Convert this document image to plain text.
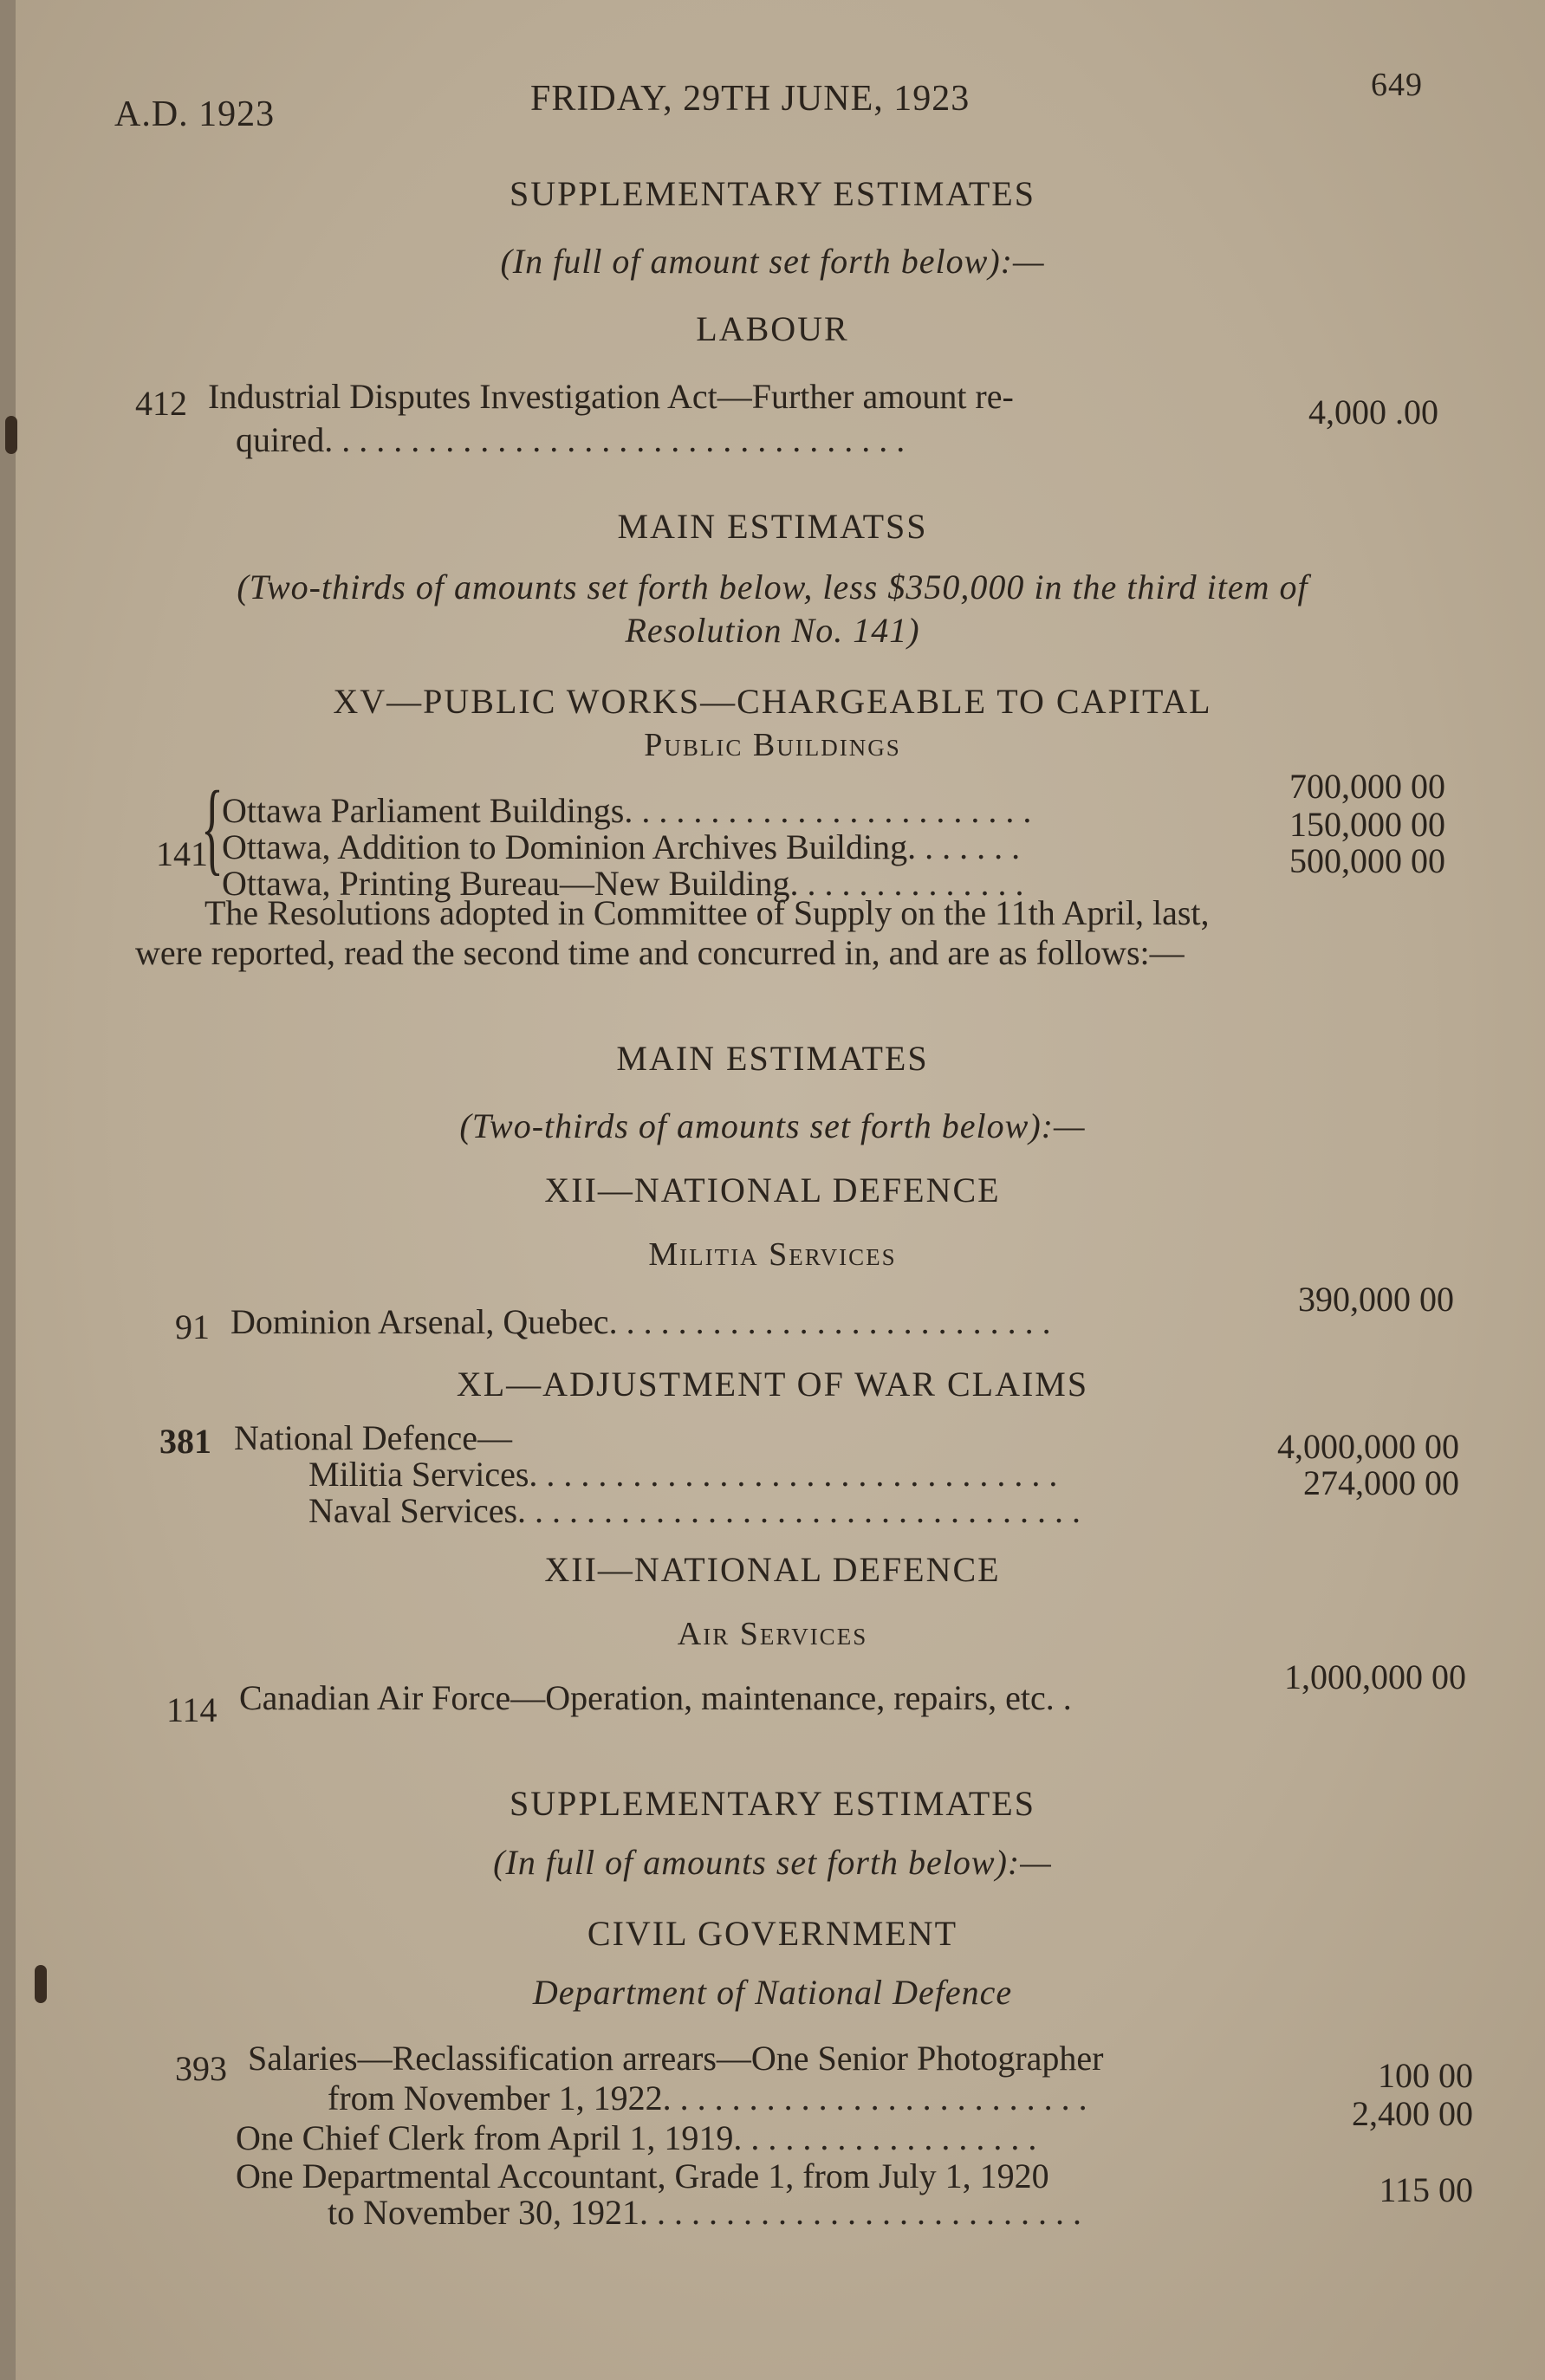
A.D. 1923	FRIDAY, 29TH JUNE, 1923	649
SUPPLEMENTARY ESTIMATES
(In full of amount set forth below):—
LABOUR
412 Industrial Disputes Investigation Act—Further amount re-
quired. . . . . . . . . . . . . . . . . . . . . . . . . . . . . . . . . .
4,000 .00
MAIN ESTIMATSS
(Two-thirds of amounts set forth below, less $350,000 in the third item of
Resolution No. 141)
XV—PUBLIC WORKS—CHARGEABLE TO CAPITAL
Public Buildings
141
{
Ottawa Parliament Buildings. . . . . . . . . . . . . . . . . . . . . . . .
Ottawa, Addition to Dominion Archives Building. . . . . . .
Ottawa, Printing Bureau—New Building. . . . . . . . . . . . . .
700,000 00
150,000 00
500,000 00
The Resolutions adopted in Committee of Supply on the 11th April, last,
were reported, read the second time and concurred in, and are as follows:—
MAIN ESTIMATES
(Two-thirds of amounts set forth below):—
XII—NATIONAL DEFENCE
Militia Services
91 Dominion Arsenal, Quebec. . . . . . . . . . . . . . . . . . . . . . . . . .
390,000 00
XL—ADJUSTMENT OF WAR CLAIMS
381 National Defence—
Militia Services. . . . . . . . . . . . . . . . . . . . . . . . . . . . . . .
Naval Services. . . . . . . . . . . . . . . . . . . . . . . . . . . . . . . . .
4,000,000 00
274,000 00
XII—NATIONAL DEFENCE
Air Services
114 Canadian Air Force—Operation, maintenance, repairs, etc. .
1,000,000 00
SUPPLEMENTARY ESTIMATES
(In full of amounts set forth below):—
CIVIL GOVERNMENT
Department of National Defence
393 Salaries—Reclassification arrears—One Senior Photographer
from November 1, 1922. . . . . . . . . . . . . . . . . . . . . . . . .
One Chief Clerk from April 1, 1919. . . . . . . . . . . . . . . . . .
One Departmental Accountant, Grade 1, from July 1, 1920
to November 30, 1921. . . . . . . . . . . . . . . . . . . . . . . . . .
100 00
2,400 00
115 00
